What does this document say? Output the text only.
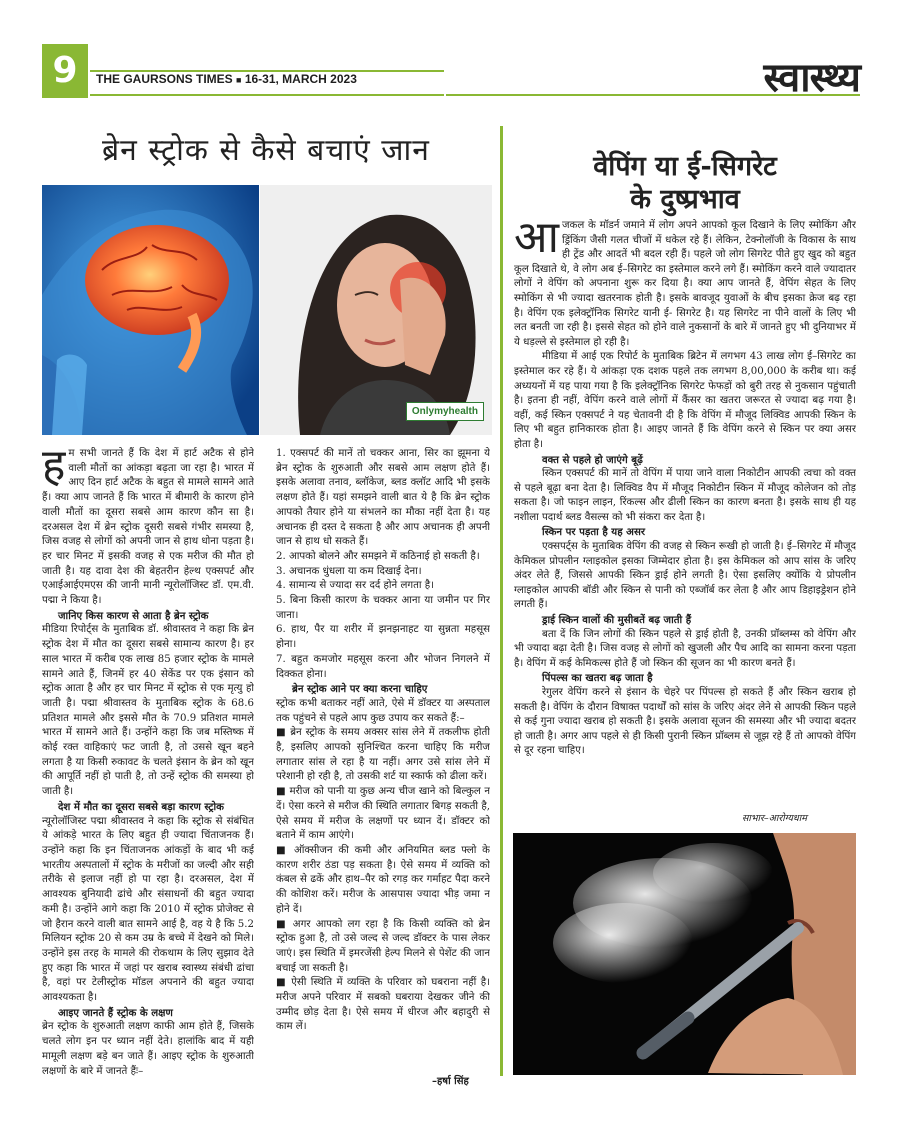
9	THE GAURSONS TIMES ■ 16-31, MARCH 2023	स्वास्थ्य
ब्रेन स्ट्रोक से कैसे बचाएं जान
Onlymyhealth
ह म सभी जानते हैं कि देश में हार्ट अटैक से होने वाली मौतों का आंकड़ा बढ़ता जा रहा है। भारत में आए दिन हार्ट अटैक के बहुत से मामले सामने आते हैं। क्या आप जानते हैं कि भारत में बीमारी के कारण होने वाली मौतों का दूसरा सबसे आम कारण कौन सा है। दरअसल देश में ब्रेन स्ट्रोक दूसरी सबसे गंभीर समस्या है, जिस वजह से लोगों को अपनी जान से हाथ धोना पड़ता है। हर चार मिनट में इसकी वजह से एक मरीज की मौत हो जाती है। यह दावा देश की बेहतरीन हेल्थ एक्सपर्ट और एआईआईएमएस की जानी मानी न्यूरोलॉजिस्ट डॉ. एम.वी. पद्मा ने किया है।

जानिए किस कारण से आता है ब्रेन स्ट्रोक

मीडिया रिपोर्ट्स के मुताबिक डॉ. श्रीवास्तव ने कहा कि ब्रेन स्ट्रोक देश में मौत का दूसरा सबसे सामान्य कारण है। हर साल भारत में करीब एक लाख 85 हजार स्ट्रोक के मामले सामने आते हैं, जिनमें हर 40 सेकेंड पर एक इंसान को स्ट्रोक आता है और हर चार मिनट में स्ट्रोक से एक मृत्यु हो जाती है। पद्मा श्रीवास्तव के मुताबिक स्ट्रोक के 68.6 प्रतिशत मामले और इससे मौत के 70.9 प्रतिशत मामले भारत में सामने आते हैं। उन्होंने कहा कि जब मस्तिष्क में कोई रक्त वाहिकाएं फट जाती है, तो उससे खून बहने लगता है या किसी रुकावट के चलते इंसान के ब्रेन को खून की आपूर्ति नहीं हो पाती है, तो उन्हें स्ट्रोक की समस्या हो जाती है।

देश में मौत का दूसरा सबसे बड़ा कारण स्ट्रोक

न्यूरोलॉजिस्ट पद्मा श्रीवास्तव ने कहा कि स्ट्रोक से संबंधित ये आंकड़े भारत के लिए बहुत ही ज्यादा चिंताजनक हैं। उन्होंने कहा कि इन चिंताजनक आंकड़ों के बाद भी कई भारतीय अस्पतालों में स्ट्रोक के मरीजों का जल्दी और सही तरीके से इलाज नहीं हो पा रहा है। दरअसल, देश में आवश्यक बुनियादी ढांचे और संसाधनों की बहुत ज्यादा कमी है। उन्होंने आगे कहा कि 2010 में स्ट्रोक प्रोजेक्ट से जो हैरान करने वाली बात सामने आई है, वह ये है कि 5.2 मिलियन स्ट्रोक 20 से कम उम्र के बच्चे में देखने को मिले। उन्होंने इस तरह के मामले की रोकथाम के लिए सुझाव देते हुए कहा कि भारत में जहां पर खराब स्वास्थ्य संबंधी ढांचा है, वहां पर टेलीस्ट्रोक मॉडल अपनाने की बहुत ज्यादा आवश्यकता है।

आइए जानते हैं स्ट्रोक के लक्षण

ब्रेन स्ट्रोक के शुरुआती लक्षण काफी आम होते हैं, जिसके चलते लोग इन पर ध्यान नहीं देते। हालांकि बाद में यही मामूली लक्षण बड़े बन जाते हैं। आइए स्ट्रोक के शुरुआती लक्षणों के बारे में जानते हैंः–

1. एक्सपर्ट की मानें तो चक्कर आना, सिर का झूमना ये ब्रेन स्ट्रोक के शुरुआती और सबसे आम लक्षण होते हैं। इसके अलावा तनाव, ब्लॉकेज, ब्लड क्लॉट आदि भी इसके लक्षण होते हैं। यहां समझने वाली बात ये है कि ब्रेन स्ट्रोक आपको तैयार होने या संभलने का मौका नहीं देता है। यह अचानक ही दस्त दे सकता है और आप अचानक ही अपनी जान से हाथ धो सकते हैं।

2. आपको बोलने और समझने में कठिनाई हो सकती है।

3. अचानक धुंधला या कम दिखाई देना।

4. सामान्य से ज्यादा सर दर्द होने लगता है।

5. बिना किसी कारण के चक्कर आना या जमीन पर गिर जाना।

6. हाथ, पैर या शरीर में झनझनाहट या सुन्नता महसूस होना।

7. बहुत कमजोर महसूस करना और भोजन निगलने में दिक्कत होना।

ब्रेन स्ट्रोक आने पर क्या करना चाहिए

स्ट्रोक कभी बताकर नहीं आते, ऐसे में डॉक्टर या अस्पताल तक पहुंचने से पहले आप कुछ उपाय कर सकते हैं:–

■ ब्रेन स्ट्रोक के समय अक्सर सांस लेने में तकलीफ होती है, इसलिए आपको सुनिश्चित करना चाहिए कि मरीज लगातार सांस ले रहा है या नहीं। अगर उसे सांस लेने में परेशानी हो रही है, तो उसकी शर्ट या स्कार्फ को ढीला करें।

■ मरीज को पानी या कुछ अन्य चीज खाने को बिल्कुल न दें। ऐसा करने से मरीज की स्थिति लगातार बिगड़ सकती है, ऐसे समय में मरीज के लक्षणों पर ध्यान दें। डॉक्टर को बताने में काम आएंगे।

■ ऑक्सीजन की कमी और अनियमित ब्लड फ्लो के कारण शरीर ठंडा पड़ सकता है। ऐसे समय में व्यक्ति को कंबल से ढकें और हाथ–पैर को रगड़ कर गर्माहट पैदा करने की कोशिश करें। मरीज के आसपास ज्यादा भीड़ जमा न होने दें।

■ अगर आपको लग रहा है कि किसी व्यक्ति को ब्रेन स्ट्रोक हुआ है, तो उसे जल्द से जल्द डॉक्टर के पास लेकर जाएं। इस स्थिति में इमरजेंसी हेल्प मिलने से पेशेंट की जान बचाई जा सकती है।

■ ऐसी स्थिति में व्यक्ति के परिवार को घबराना नहीं है। मरीज अपने परिवार में सबको घबराया देखकर जीने की उम्मीद छोड़ देता है। ऐसे समय में धीरज और बहादुरी से काम लें।

–हर्षा सिंह
वेपिंग या ई-सिगरेट
के दुष्प्रभाव
आ जकल के मॉडर्न जमाने में लोग अपने आपको कूल दिखाने के लिए स्मोकिंग और ड्रिंकिंग जैसी गलत चीजों में धकेल रहे हैं। लेकिन, टेक्नोलॉजी के विकास के साथ ही ट्रेंड और आदतें भी बदल रही हैं। पहले जो लोग सिगरेट पीते हुए खुद को बहुत कूल दिखाते थे, वे लोग अब ई–सिगरेट का इस्तेमाल करने लगे हैं। स्मोकिंग करने वाले ज्यादातर लोगों ने वेपिंग को अपनाना शुरू कर दिया है। क्या आप जानते हैं, वेपिंग सेहत के लिए स्मोकिंग से भी ज्यादा खतरनाक होती है। इसके बावजूद युवाओं के बीच इसका क्रेज बढ़ रहा है। वेपिंग एक इलेक्ट्रॉनिक सिगरेट यानी ई- सिगरेट है। यह सिगरेट ना पीने वालों के लिए भी लत बनती जा रही है। इससे सेहत को होने वाले नुकसानों के बारे में जानते हुए भी दुनियाभर में ये धड़ल्ले से इस्तेमाल हो रही है।

मीडिया में आई एक रिपोर्ट के मुताबिक ब्रिटेन में लगभग 43 लाख लोग ई–सिगरेट का इस्तेमाल कर रहे हैं। ये आंकड़ा एक दशक पहले तक लगभग 8,00,000 के करीब था। कई अध्ययनों में यह पाया गया है कि इलेक्ट्रॉनिक सिगरेट फेफड़ों को बुरी तरह से नुकसान पहुंचाती है। इतना ही नहीं, वेपिंग करने वाले लोगों में कैंसर का खतरा जरूरत से ज्यादा बढ़ गया है। वहीं, कई स्किन एक्सपर्ट ने यह चेतावनी दी है कि वेपिंग में मौजूद लिक्विड आपकी स्किन के लिए भी बहुत हानिकारक होता है। आइए जानते हैं कि वेपिंग करने से स्किन पर क्या असर होता है।

वक्त से पहले हो जाएंगे बूढ़ें

स्किन एक्सपर्ट की मानें तो वेपिंग में पाया जाने वाला निकोटीन आपकी त्वचा को वक्त से पहले बूढ़ा बना देता है। लिक्विड वैप में मौजूद निकोटीन स्किन में मौजूद कोलेजन को तोड़ सकता है। जो फाइन लाइन, रिंकल्स और ढीली स्किन का कारण बनता है। इसके साथ ही यह नशीला पदार्थ ब्लड वैसल्स को भी संकरा कर देता है।

स्किन पर पड़ता है यह असर

एक्सपर्ट्स के मुताबिक वेपिंग की वजह से स्किन रूखी हो जाती है। ई–सिगरेट में मौजूद केमिकल प्रोपलीन ग्लाइकोल इसका जिम्मेदार होता है। इस केमिकल को आप सांस के जरिए अंदर लेते हैं, जिससे आपकी स्किन ड्राई होने लगती है। ऐसा इसलिए क्योंकि ये प्रोपलीन ग्लाइकोल आपकी बॉडी और स्किन से पानी को एब्जॉर्ब कर लेता है और आप डिहाइड्रेशन होने लगती हैं।

ड्राई स्किन वालों की मुसीबतें बढ़ जाती हैं

बता दें कि जिन लोगों की स्किन पहले से ड्राई होती है, उनकी प्रॉब्लम्स को वेपिंग और भी ज्यादा बढ़ा देती है। जिस वजह से लोगों को खुजली और पैच आदि का सामना करना पड़ता है। वेपिंग में कई केमिकल्स होते हैं जो स्किन की सूजन का भी कारण बनते हैं।

पिंपल्स का खतरा बढ़ जाता है

रेगुलर वेपिंग करने से इंसान के चेहरे पर पिंपल्स हो सकते हैं और स्किन खराब हो सकती है। वेपिंग के दौरान विषाक्त पदार्थों को सांस के जरिए अंदर लेने से आपकी स्किन पहले से कई गुना ज्यादा खराब हो सकती है। इसके अलावा सूजन की समस्या और भी ज्यादा बदतर हो जाती है। अगर आप पहले से ही किसी पुरानी स्किन प्रॉब्लम से जूझ रहे हैं तो आपको वेपिंग से दूर रहना चाहिए।

साभार–आरोग्यधाम
